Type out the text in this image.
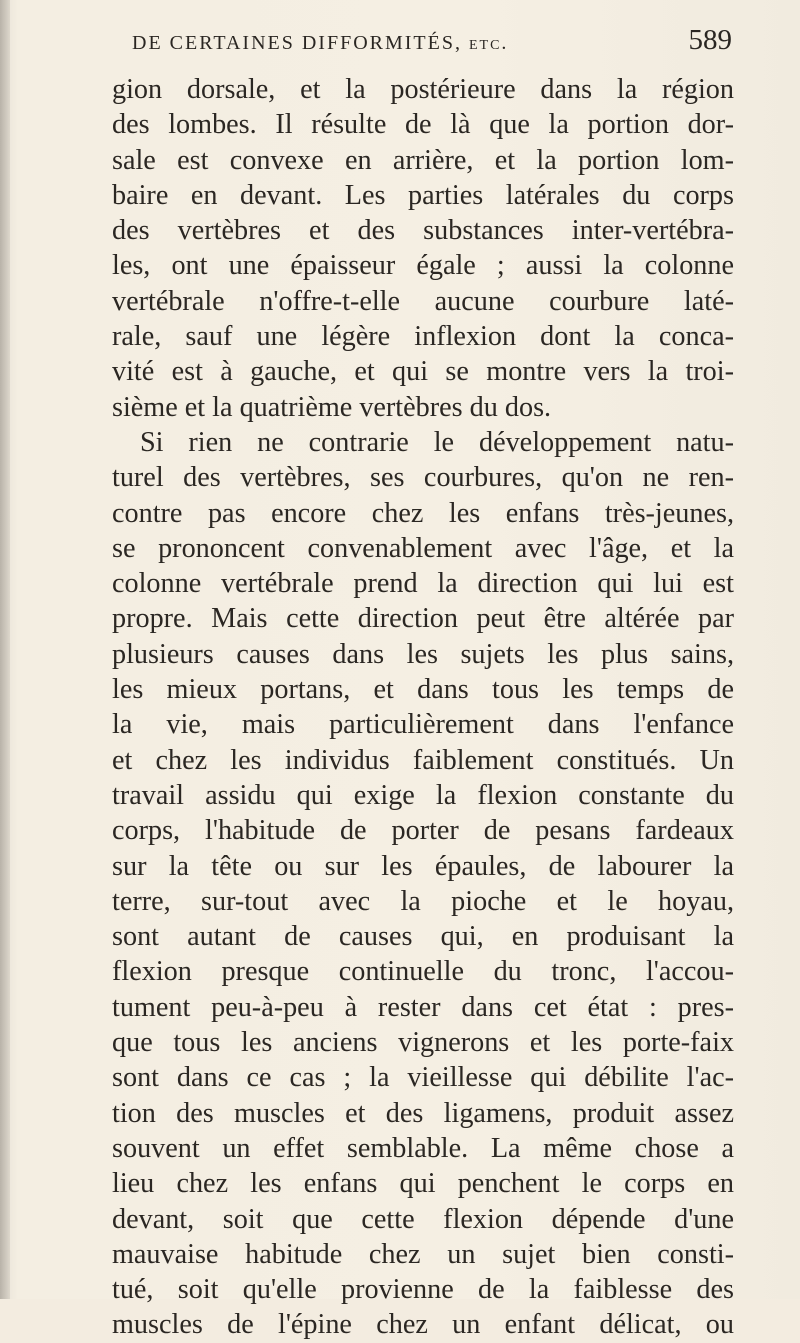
DE CERTAINES DIFFORMITÉS, etc.	589
gion dorsale, et la postérieure dans la région
des lombes. Il résulte de là que la portion dor-
sale est convexe en arrière, et la portion lom-
baire en devant. Les parties latérales du corps
des vertèbres et des substances inter-vertébra-
les, ont une épaisseur égale ; aussi la colonne
vertébrale n'offre-t-elle aucune courbure laté-
rale, sauf une légère inflexion dont la conca-
vité est à gauche, et qui se montre vers la troi-
sième et la quatrième vertèbres du dos.
Si rien ne contrarie le développement natu-
turel des vertèbres, ses courbures, qu'on ne ren-
contre pas encore chez les enfans très-jeunes,
se prononcent convenablement avec l'âge, et la
colonne vertébrale prend la direction qui lui est
propre. Mais cette direction peut être altérée par
plusieurs causes dans les sujets les plus sains,
les mieux portans, et dans tous les temps de
la vie, mais particulièrement dans l'enfance
et chez les individus faiblement constitués. Un
travail assidu qui exige la flexion constante du
corps, l'habitude de porter de pesans fardeaux
sur la tête ou sur les épaules, de labourer la
terre, sur-tout avec la pioche et le hoyau,
sont autant de causes qui, en produisant la
flexion presque continuelle du tronc, l'accou-
tument peu-à-peu à rester dans cet état : pres-
que tous les anciens vignerons et les porte-faix
sont dans ce cas ; la vieillesse qui débilite l'ac-
tion des muscles et des ligamens, produit assez
souvent un effet semblable. La même chose a
lieu chez les enfans qui penchent le corps en
devant, soit que cette flexion dépende d'une
mauvaise habitude chez un sujet bien consti-
tué, soit qu'elle provienne de la faiblesse des
muscles de l'épine chez un enfant délicat, ou
